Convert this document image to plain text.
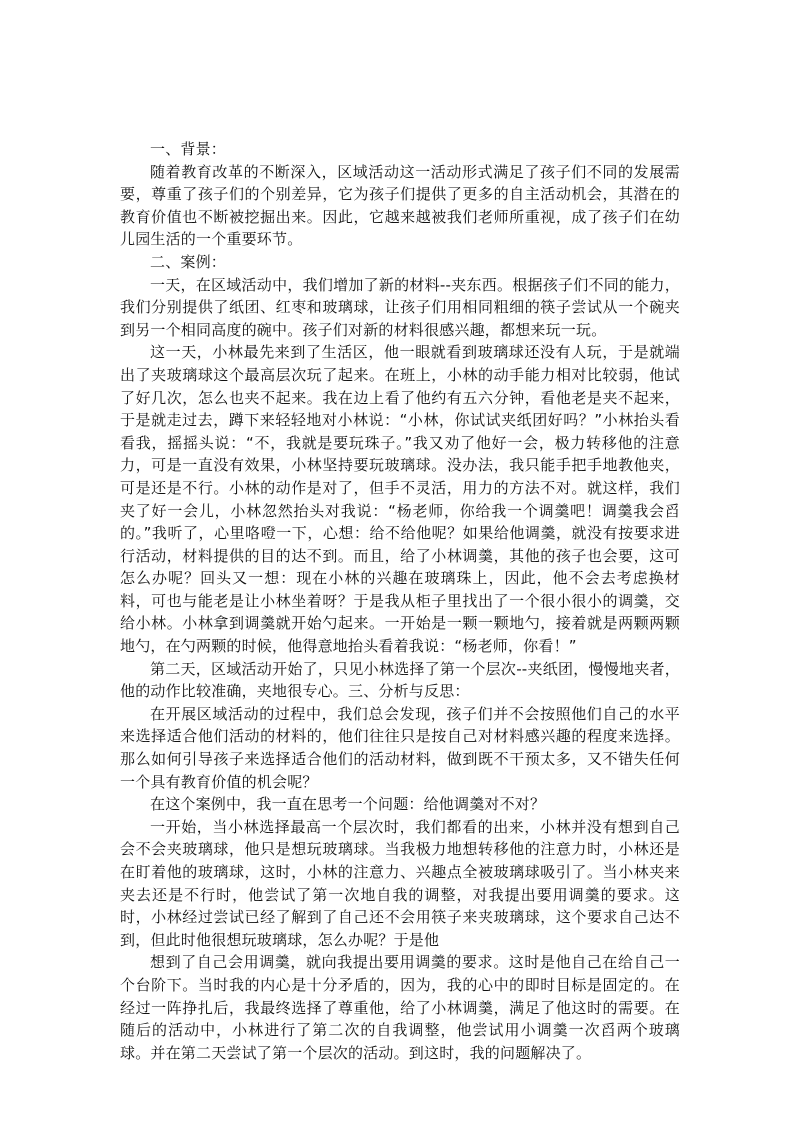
一、背景：

随着教育改革的不断深入，区域活动这一活动形式满足了孩子们不同的发展需要，尊重了孩子们的个别差异，它为孩子们提供了更多的自主活动机会，其潜在的教育价值也不断被挖掘出来。因此，它越来越被我们老师所重视，成了孩子们在幼儿园生活的一个重要环节。

二、案例：

一天，在区域活动中，我们增加了新的材料--夹东西。根据孩子们不同的能力，我们分别提供了纸团、红枣和玻璃球，让孩子们用相同粗细的筷子尝试从一个碗夹到另一个相同高度的碗中。孩子们对新的材料很感兴趣，都想来玩一玩。

这一天，小林最先来到了生活区，他一眼就看到玻璃球还没有人玩，于是就端出了夹玻璃球这个最高层次玩了起来。在班上，小林的动手能力相对比较弱，他试了好几次，怎么也夹不起来。我在边上看了他约有五六分钟，看他老是夹不起来，于是就走过去，蹲下来轻轻地对小林说：“小林，你试试夹纸团好吗？”小林抬头看看我，摇摇头说：“不，我就是要玩珠子。”我又劝了他好一会，极力转移他的注意力，可是一直没有效果，小林坚持要玩玻璃球。没办法，我只能手把手地教他夹，可是还是不行。小林的动作是对了，但手不灵活，用力的方法不对。就这样，我们夹了好一会儿，小林忽然抬头对我说：“杨老师，你给我一个调羹吧！调羹我会舀的。”我听了，心里咯噔一下，心想：给不给他呢？如果给他调羹，就没有按要求进行活动，材料提供的目的达不到。而且，给了小林调羹，其他的孩子也会要，这可怎么办呢？回头又一想：现在小林的兴趣在玻璃珠上，因此，他不会去考虑换材料，可也与能老是让小林坐着呀？于是我从柜子里找出了一个很小很小的调羹，交给小林。小林拿到调羹就开始勺起来。一开始是一颗一颗地勺，接着就是两颗两颗地勺，在勺两颗的时候，他得意地抬头看着我说：“杨老师，你看！”

第二天，区域活动开始了，只见小林选择了第一个层次--夹纸团，慢慢地夹者，他的动作比较准确，夹地很专心。三、分析与反思：

在开展区域活动的过程中，我们总会发现，孩子们并不会按照他们自己的水平来选择适合他们活动的材料的，他们往往只是按自己对材料感兴趣的程度来选择。那么如何引导孩子来选择适合他们的活动材料，做到既不干预太多，又不错失任何一个具有教育价值的机会呢？

在这个案例中，我一直在思考一个问题：给他调羹对不对？

一开始，当小林选择最高一个层次时，我们都看的出来，小林并没有想到自己会不会夹玻璃球，他只是想玩玻璃球。当我极力地想转移他的注意力时，小林还是在盯着他的玻璃球，这时，小林的注意力、兴趣点全被玻璃球吸引了。当小林夹来夹去还是不行时，他尝试了第一次地自我的调整，对我提出要用调羹的要求。这时，小林经过尝试已经了解到了自己还不会用筷子来夹玻璃球，这个要求自己达不到，但此时他很想玩玻璃球，怎么办呢？于是他

想到了自己会用调羹，就向我提出要用调羹的要求。这时是他自己在给自己一个台阶下。当时我的内心是十分矛盾的，因为，我的心中的即时目标是固定的。在经过一阵挣扎后，我最终选择了尊重他，给了小林调羹，满足了他这时的需要。在随后的活动中，小林进行了第二次的自我调整，他尝试用小调羹一次舀两个玻璃球。并在第二天尝试了第一个层次的活动。到这时，我的问题解决了。
